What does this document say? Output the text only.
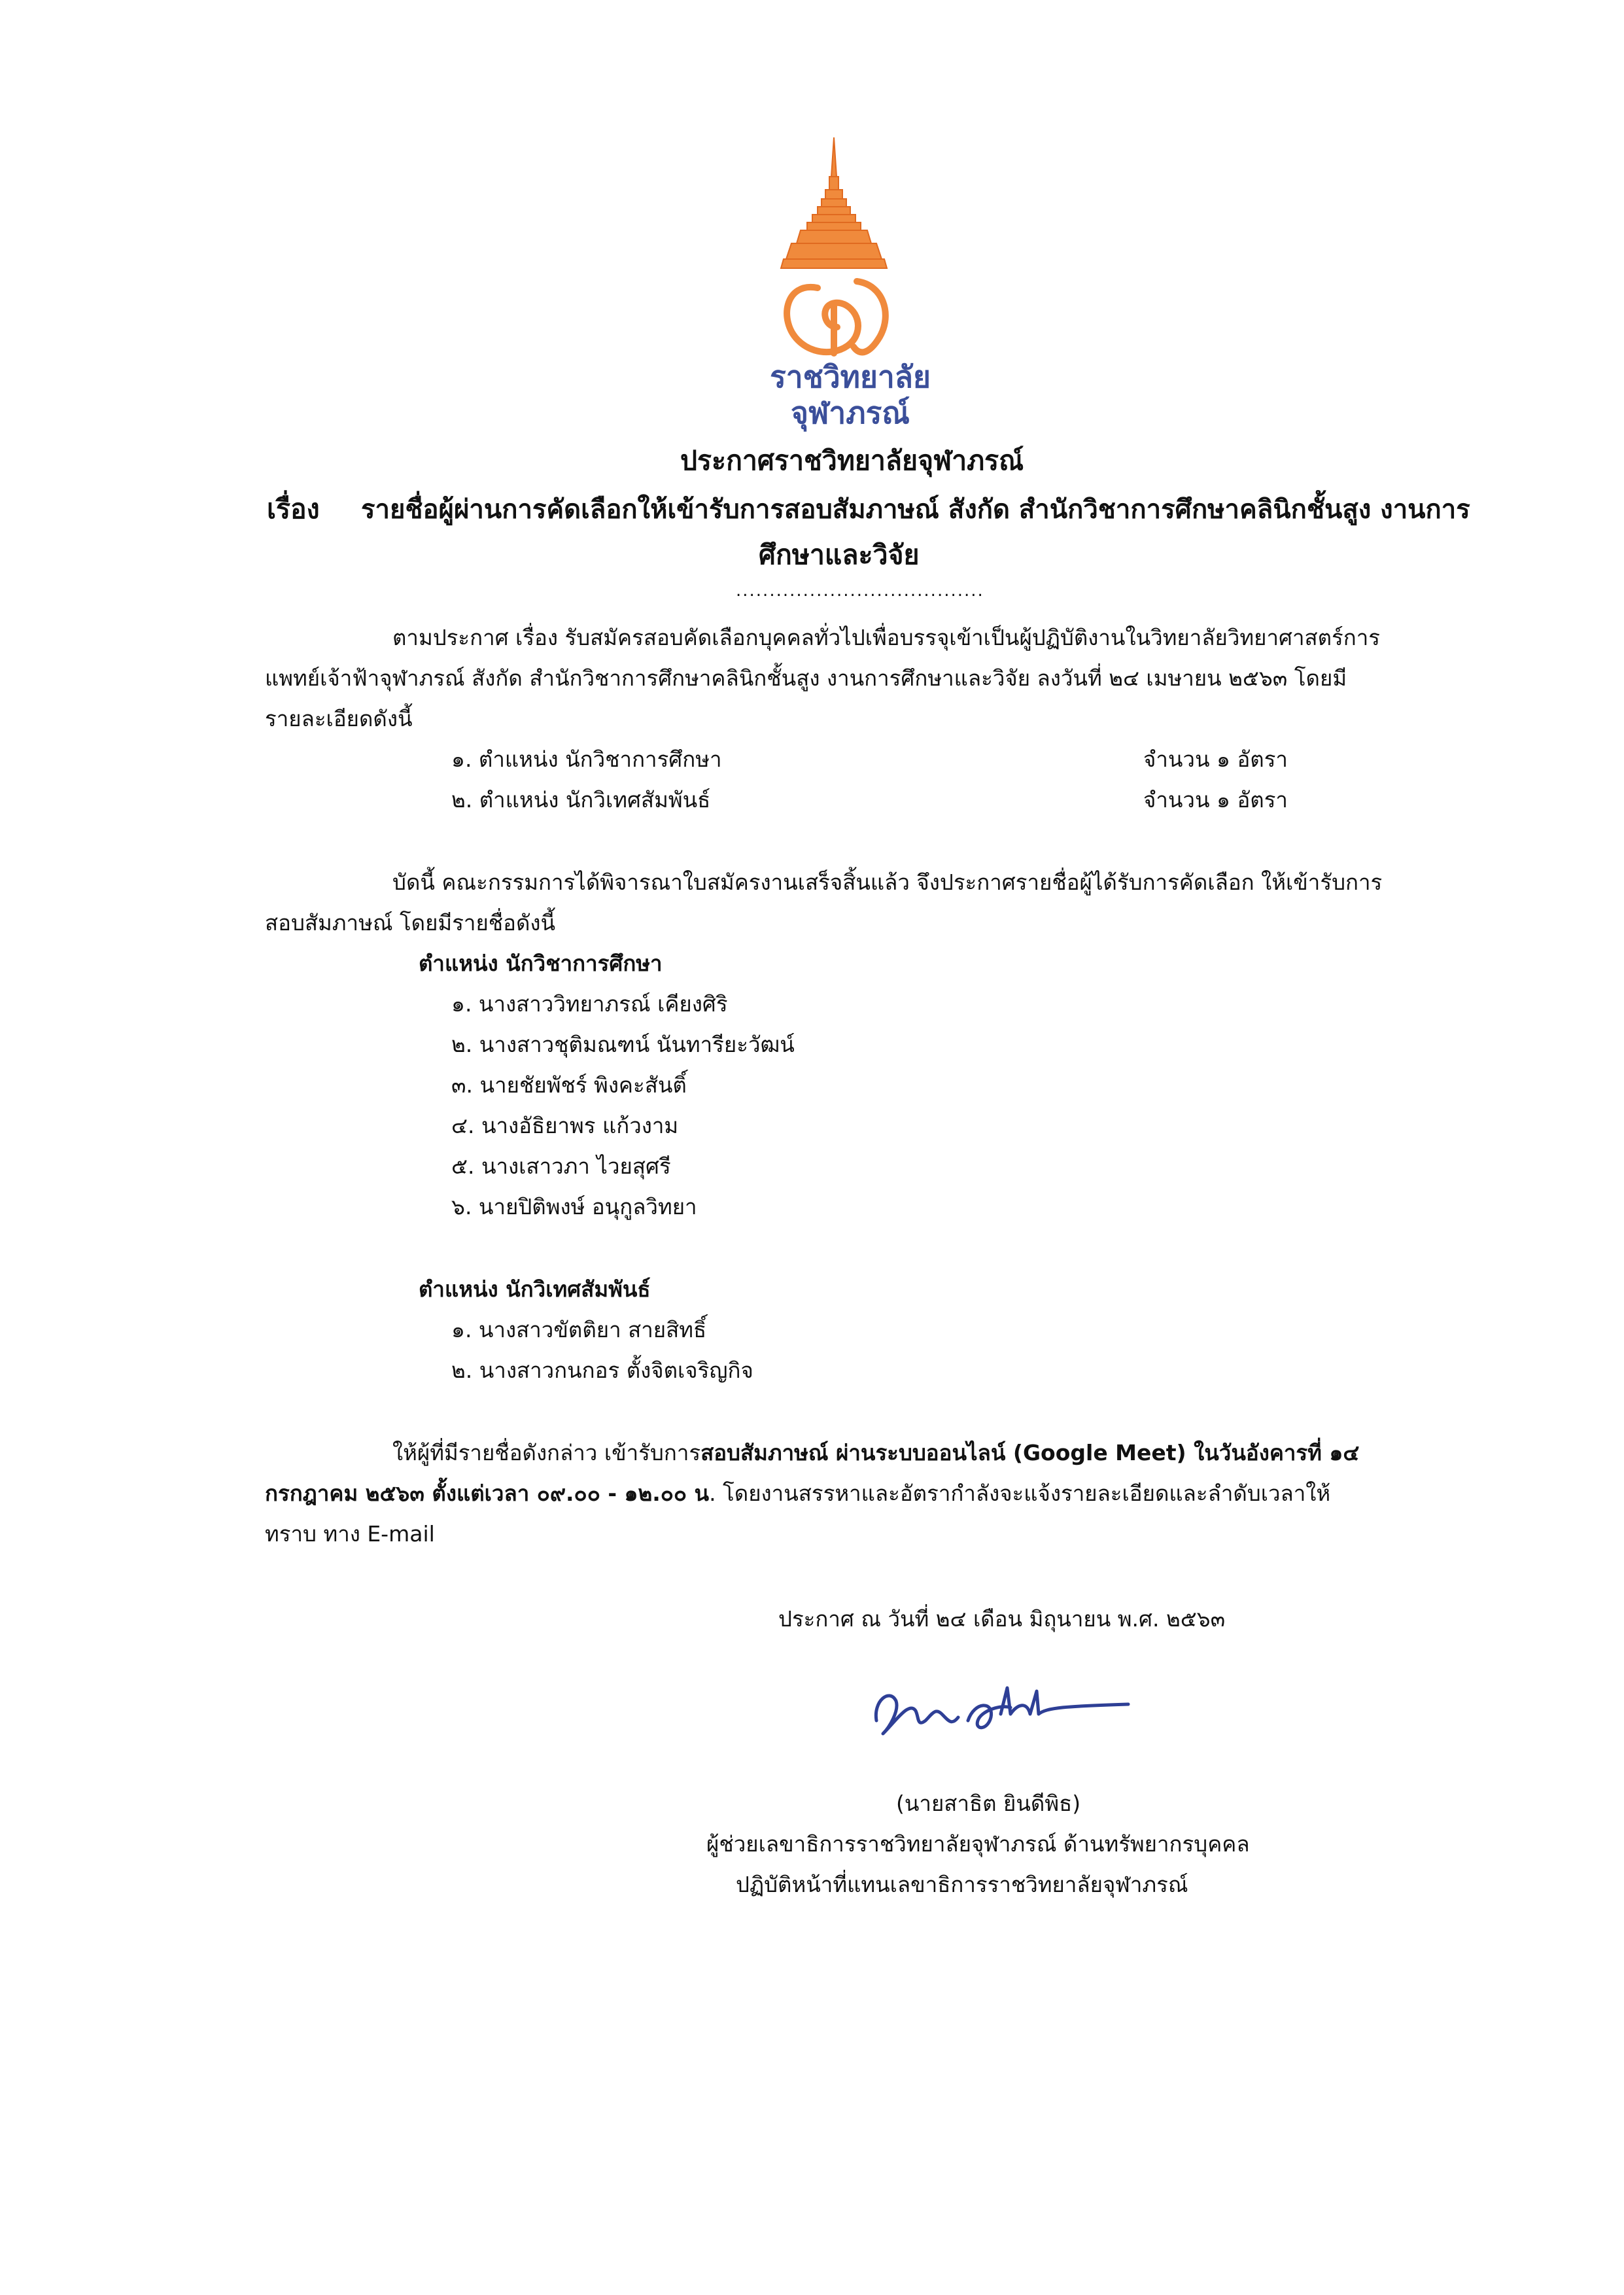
ราชวิทยาลัย
จุฬาภรณ์
ประกาศราชวิทยาลัยจุฬาภรณ์
เรื่อง รายชื่อผู้ผ่านการคัดเลือกให้เข้ารับการสอบสัมภาษณ์ สังกัด สำนักวิชาการศึกษาคลินิกชั้นสูง งานการ
ศึกษาและวิจัย
.....................................
ตามประกาศ เรื่อง รับสมัครสอบคัดเลือกบุคคลทั่วไปเพื่อบรรจุเข้าเป็นผู้ปฏิบัติงานในวิทยาลัยวิทยาศาสตร์การ
แพทย์เจ้าฟ้าจุฬาภรณ์ สังกัด สำนักวิชาการศึกษาคลินิกชั้นสูง งานการศึกษาและวิจัย ลงวันที่ ๒๔ เมษายน ๒๕๖๓ โดยมี
รายละเอียดดังนี้
๑. ตำแหน่ง นักวิชาการศึกษา	จำนวน ๑ อัตรา
๒. ตำแหน่ง นักวิเทศสัมพันธ์	จำนวน ๑ อัตรา
บัดนี้ คณะกรรมการได้พิจารณาใบสมัครงานเสร็จสิ้นแล้ว จึงประกาศรายชื่อผู้ได้รับการคัดเลือก ให้เข้ารับการ
สอบสัมภาษณ์ โดยมีรายชื่อดังนี้
ตำแหน่ง นักวิชาการศึกษา
๑. นางสาววิทยาภรณ์ เคียงศิริ
๒. นางสาวชุติมณฑน์ นันทารียะวัฒน์
๓. นายชัยพัชร์ พิงคะสันติ์
๔. นางอัธิยาพร แก้วงาม
๕. นางเสาวภา ไวยสุศรี
๖. นายปิติพงษ์ อนุกูลวิทยา
ตำแหน่ง นักวิเทศสัมพันธ์
๑. นางสาวขัตติยา สายสิทธิ์
๒. นางสาวกนกอร ตั้งจิตเจริญกิจ
ให้ผู้ที่มีรายชื่อดังกล่าว เข้ารับการสอบสัมภาษณ์ ผ่านระบบออนไลน์ (Google Meet) ในวันอังคารที่ ๑๔
กรกฎาคม ๒๕๖๓ ตั้งแต่เวลา ๐๙.๐๐ - ๑๒.๐๐ น. โดยงานสรรหาและอัตรากำลังจะแจ้งรายละเอียดและลำดับเวลาให้
ทราบ ทาง E-mail
ประกาศ ณ วันที่ ๒๔ เดือน มิถุนายน พ.ศ. ๒๕๖๓
(นายสาธิต ยินดีพิธ)
ผู้ช่วยเลขาธิการราชวิทยาลัยจุฬาภรณ์ ด้านทรัพยากรบุคคล
ปฏิบัติหน้าที่แทนเลขาธิการราชวิทยาลัยจุฬาภรณ์
